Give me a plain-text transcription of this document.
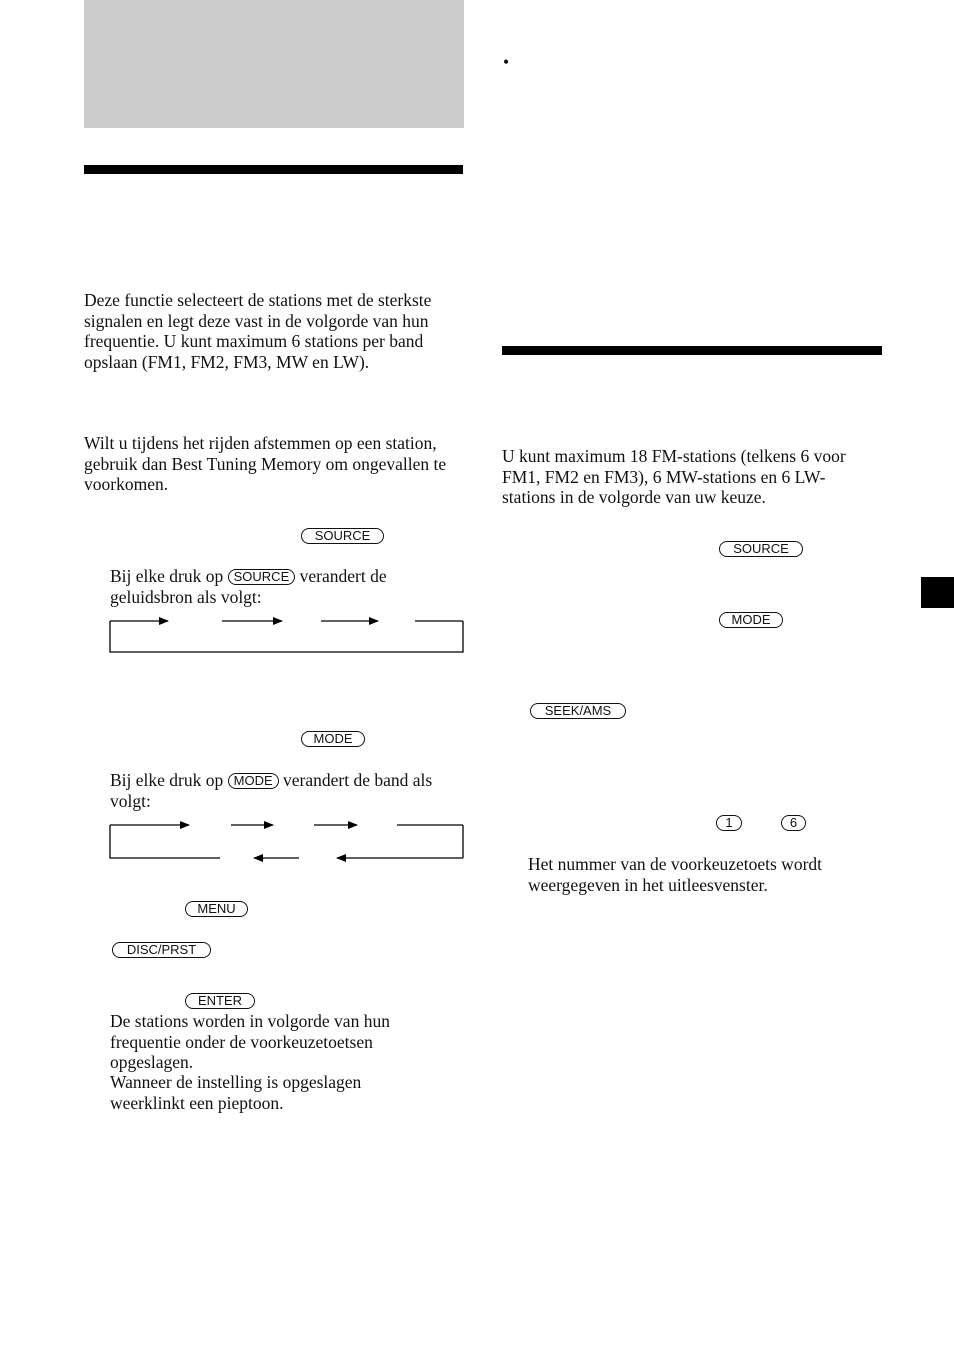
Deze functie selecteert de stations met de sterkste signalen en legt deze vast in de volgorde van hun frequentie. U kunt maximum 6 stations per band opslaan (FM1, FM2, FM3, MW en LW).
Wilt u tijdens het rijden afstemmen op een station, gebruik dan Best Tuning Memory om ongevallen te voorkomen.
SOURCE
Bij elke druk op SOURCE verandert de geluidsbron als volgt:
MODE
Bij elke druk op MODE verandert de band als volgt:
MENU
DISC/PRST
ENTER
De stations worden in volgorde van hun frequentie onder de voorkeuzetoetsen opgeslagen.
Wanneer de instelling is opgeslagen weerklinkt een pieptoon.
•
U kunt maximum 18 FM-stations (telkens 6 voor FM1, FM2 en FM3), 6 MW-stations en 6 LW-stations in de volgorde van uw keuze.
SOURCE
MODE
SEEK/AMS
1	6
Het nummer van de voorkeuzetoets wordt weergegeven in het uitleesvenster.
